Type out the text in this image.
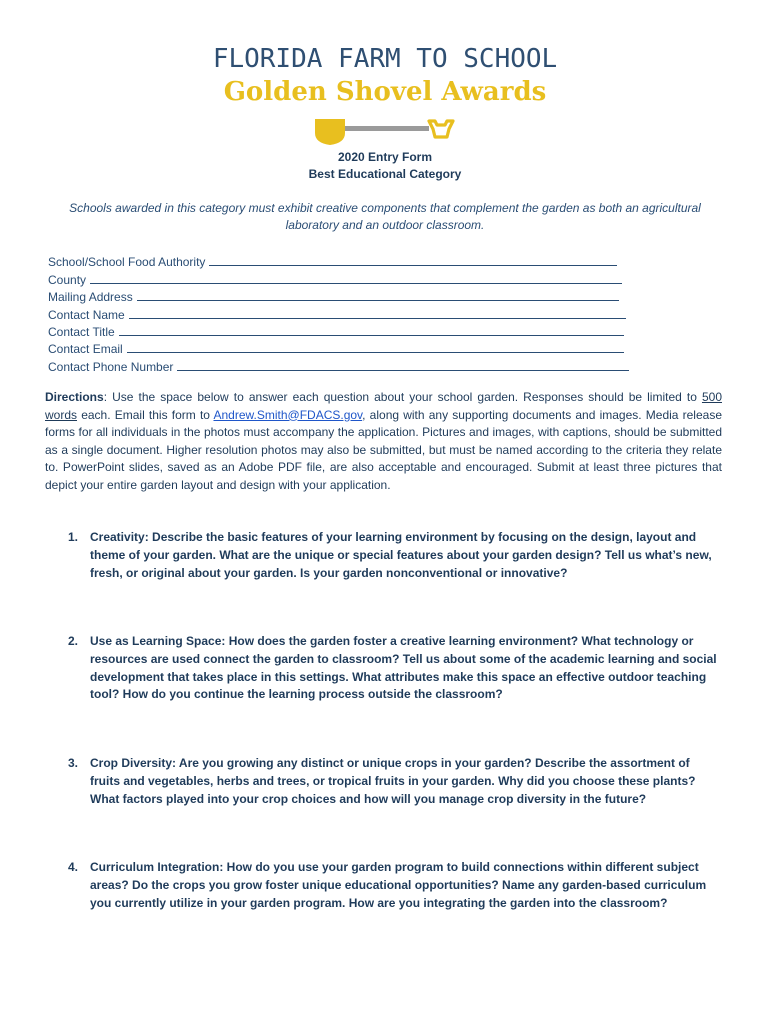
FLORIDA FARM TO SCHOOL
Golden Shovel Awards
2020 Entry Form
Best Educational Category
Schools awarded in this category must exhibit creative components that complement the garden as both an agricultural laboratory and an outdoor classroom.
School/School Food Authority
County
Mailing Address
Contact Name
Contact Title
Contact Email
Contact Phone Number
Directions: Use the space below to answer each question about your school garden. Responses should be limited to 500 words each. Email this form to Andrew.Smith@FDACS.gov, along with any supporting documents and images. Media release forms for all individuals in the photos must accompany the application. Pictures and images, with captions, should be submitted as a single document. Higher resolution photos may also be submitted, but must be named according to the criteria they relate to. PowerPoint slides, saved as an Adobe PDF file, are also acceptable and encouraged. Submit at least three pictures that depict your entire garden layout and design with your application.
1. Creativity: Describe the basic features of your learning environment by focusing on the design, layout and theme of your garden. What are the unique or special features about your garden design? Tell us what’s new, fresh, or original about your garden. Is your garden nonconventional or innovative?
2. Use as Learning Space: How does the garden foster a creative learning environment? What technology or resources are used connect the garden to classroom? Tell us about some of the academic learning and social development that takes place in this settings. What attributes make this space an effective outdoor teaching tool? How do you continue the learning process outside the classroom?
3. Crop Diversity: Are you growing any distinct or unique crops in your garden? Describe the assortment of fruits and vegetables, herbs and trees, or tropical fruits in your garden. Why did you choose these plants? What factors played into your crop choices and how will you manage crop diversity in the future?
4. Curriculum Integration: How do you use your garden program to build connections within different subject areas? Do the crops you grow foster unique educational opportunities? Name any garden-based curriculum you currently utilize in your garden program. How are you integrating the garden into the classroom?
